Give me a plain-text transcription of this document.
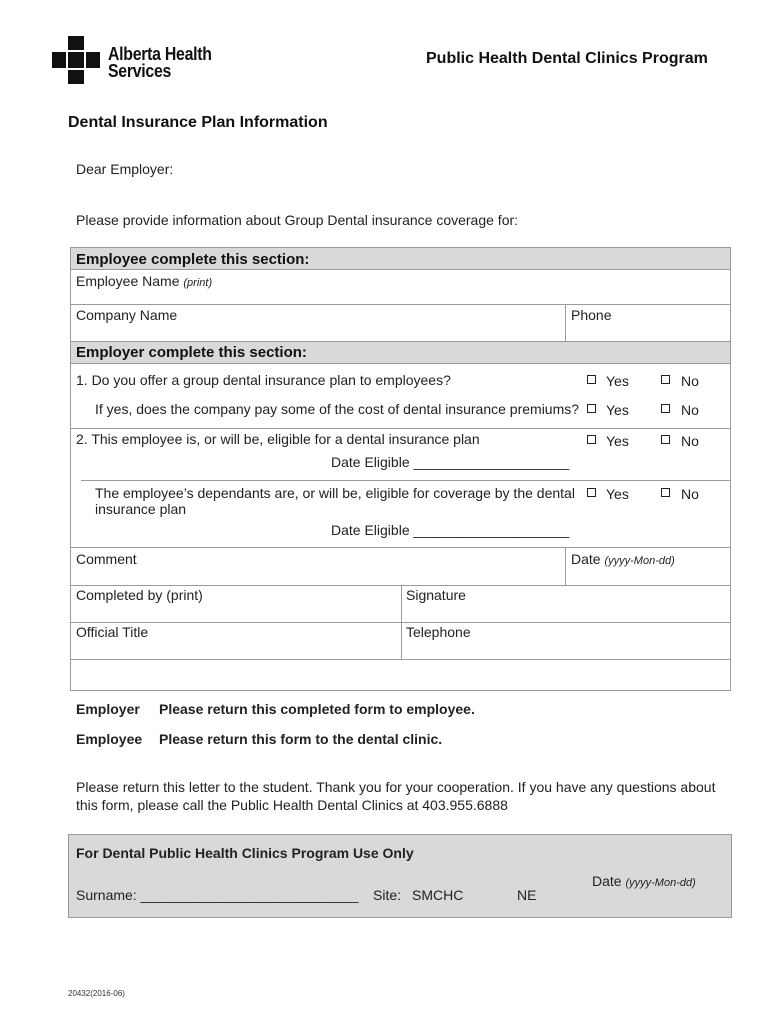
Alberta Health
Services
Public Health Dental Clinics Program
Dental Insurance Plan Information
Dear Employer:
Please provide information about Group Dental insurance coverage for:
Employee complete this section:
Employee Name (print)
Company Name	Phone
Employer complete this section:
1. Do you offer a group dental insurance plan to employees?	Yes	No
If yes, does the company pay some of the cost of dental insurance premiums? Yes	No
2. This employee is, or will be, eligible for a dental insurance plan	Yes	No
Date Eligible ____________________
The employee’s dependants are, or will be, eligible for coverage by the dental
insurance plan
Yes	No
Date Eligible ____________________
Comment	Date (yyyy-Mon-dd)
Completed by (print)	Signature
Official Title	Telephone
Employer Please return this completed form to employee.
Employee Please return this form to the dental clinic.
Please return this letter to the student. Thank you for your cooperation. If you have any questions about
this form, please call the Public Health Dental Clinics at 403.955.6888
For Dental Public Health Clinics Program Use Only
Surname: ____________________________ Site: SMCHC	NE
Date (yyyy-Mon-dd)
20432(2016-06)
